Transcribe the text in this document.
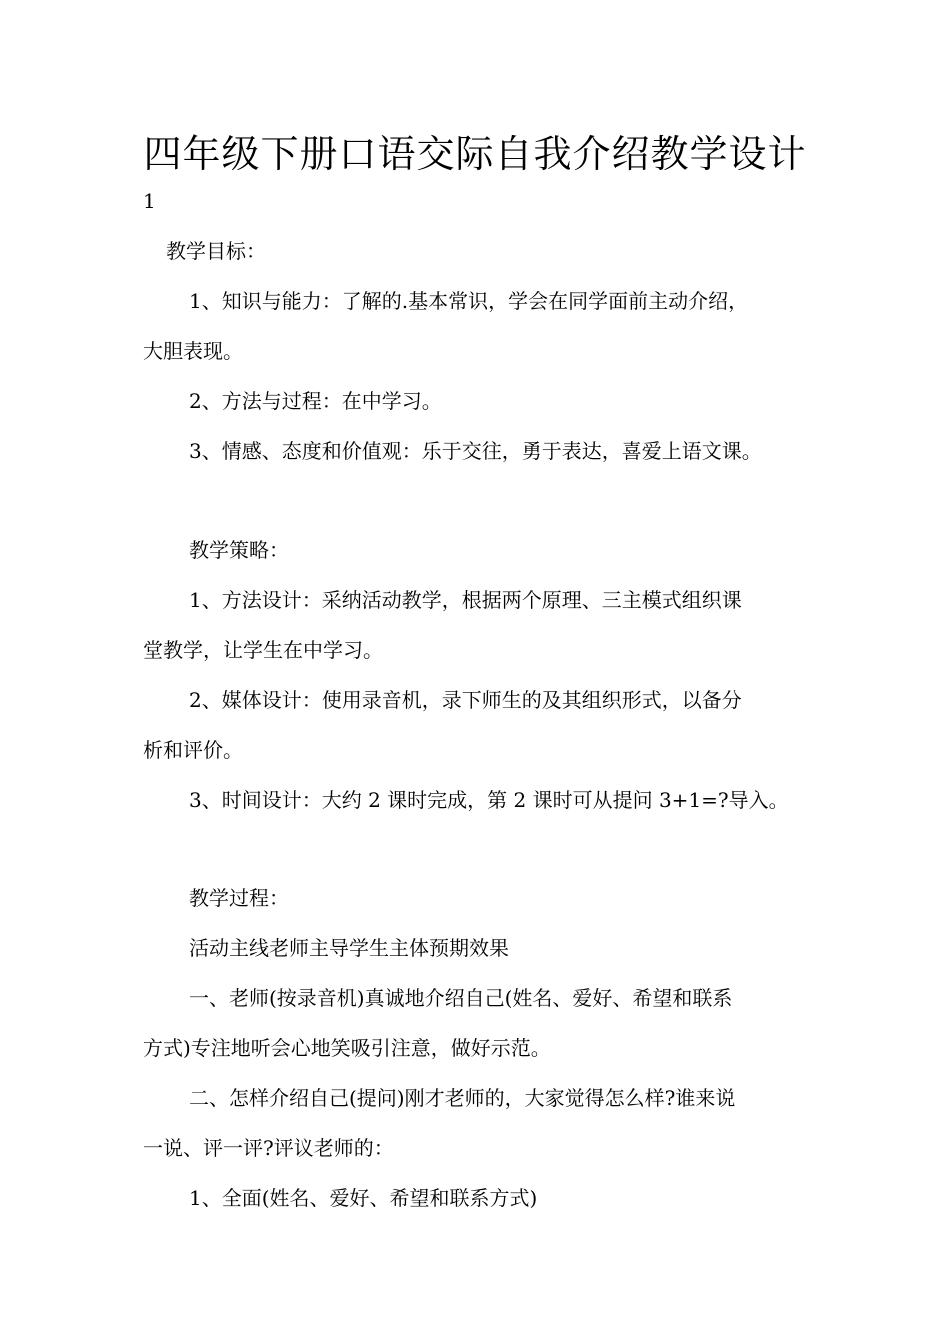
四年级下册口语交际自我介绍教学设计
1
教学目标：
1、知识与能力：了解的.基本常识，学会在同学面前主动介绍，
大胆表现。
2、方法与过程：在中学习。
3、情感、态度和价值观：乐于交往，勇于表达，喜爱上语文课。
教学策略：
1、方法设计：采纳活动教学，根据两个原理、三主模式组织课
堂教学，让学生在中学习。
2、媒体设计：使用录音机，录下师生的及其组织形式，以备分
析和评价。
3、时间设计：大约 2 课时完成，第 2 课时可从提问 3+1=?导入。
教学过程：
活动主线老师主导学生主体预期效果
一、老师(按录音机)真诚地介绍自己(姓名、爱好、希望和联系
方式)专注地听会心地笑吸引注意，做好示范。
二、怎样介绍自己(提问)刚才老师的，大家觉得怎么样?谁来说
一说、评一评?评议老师的：
1、全面(姓名、爱好、希望和联系方式)
